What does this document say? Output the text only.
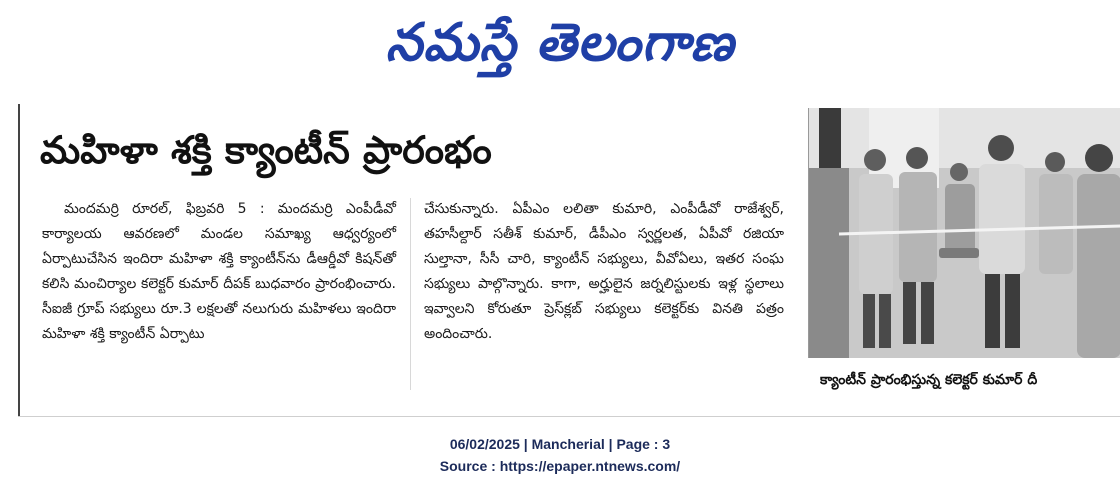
నమస్తే తెలంగాణ
మహిళా శక్తి క్యాంటీన్ ప్రారంభం

మందమర్రి రూరల్, ఫిబ్రవరి 5 : మందమర్రి ఎంపీడీవో కార్యాలయ ఆవరణలో మండల సమాఖ్య ఆధ్వర్యంలో ఏర్పాటుచేసిన ఇందిరా మహిళా శక్తి క్యాంటీన్‌ను డీఆర్డీవో కిషన్‌తో కలిసి మంచిర్యాల కలెక్టర్ కుమార్ దీపక్ బుధవారం ప్రారంభించారు. సీఐజీ గ్రూప్ సభ్యులు రూ.3 లక్షలతో నలుగురు మహిళలు ఇందిరా మహిళా శక్తి క్యాంటీన్ ఏర్పాటు

చేసుకున్నారు. ఏపీఎం లలితా కుమారి, ఎంపీడీవో రాజేశ్వర్, తహసీల్దార్ సతీశ్ కుమార్, డీపీఎం స్వర్ణలత, ఏపీవో రజియా సుల్తానా, సీసీ చారి, క్యాంటీన్ సభ్యులు, వీవోఏలు, ఇతర సంఘ సభ్యులు పాల్గొన్నారు. కాగా, అర్హులైన జర్నలిస్టులకు ఇళ్ల స్థలాలు ఇవ్వాలని కోరుతూ ప్రెస్‌క్లబ్ సభ్యులు కలెక్టర్‌కు వినతి పత్రం అందించారు.

క్యాంటీన్ ప్రారంభిస్తున్న కలెక్టర్ కుమార్ దీ
06/02/2025 | Mancherial | Page : 3
Source : https://epaper.ntnews.com/
